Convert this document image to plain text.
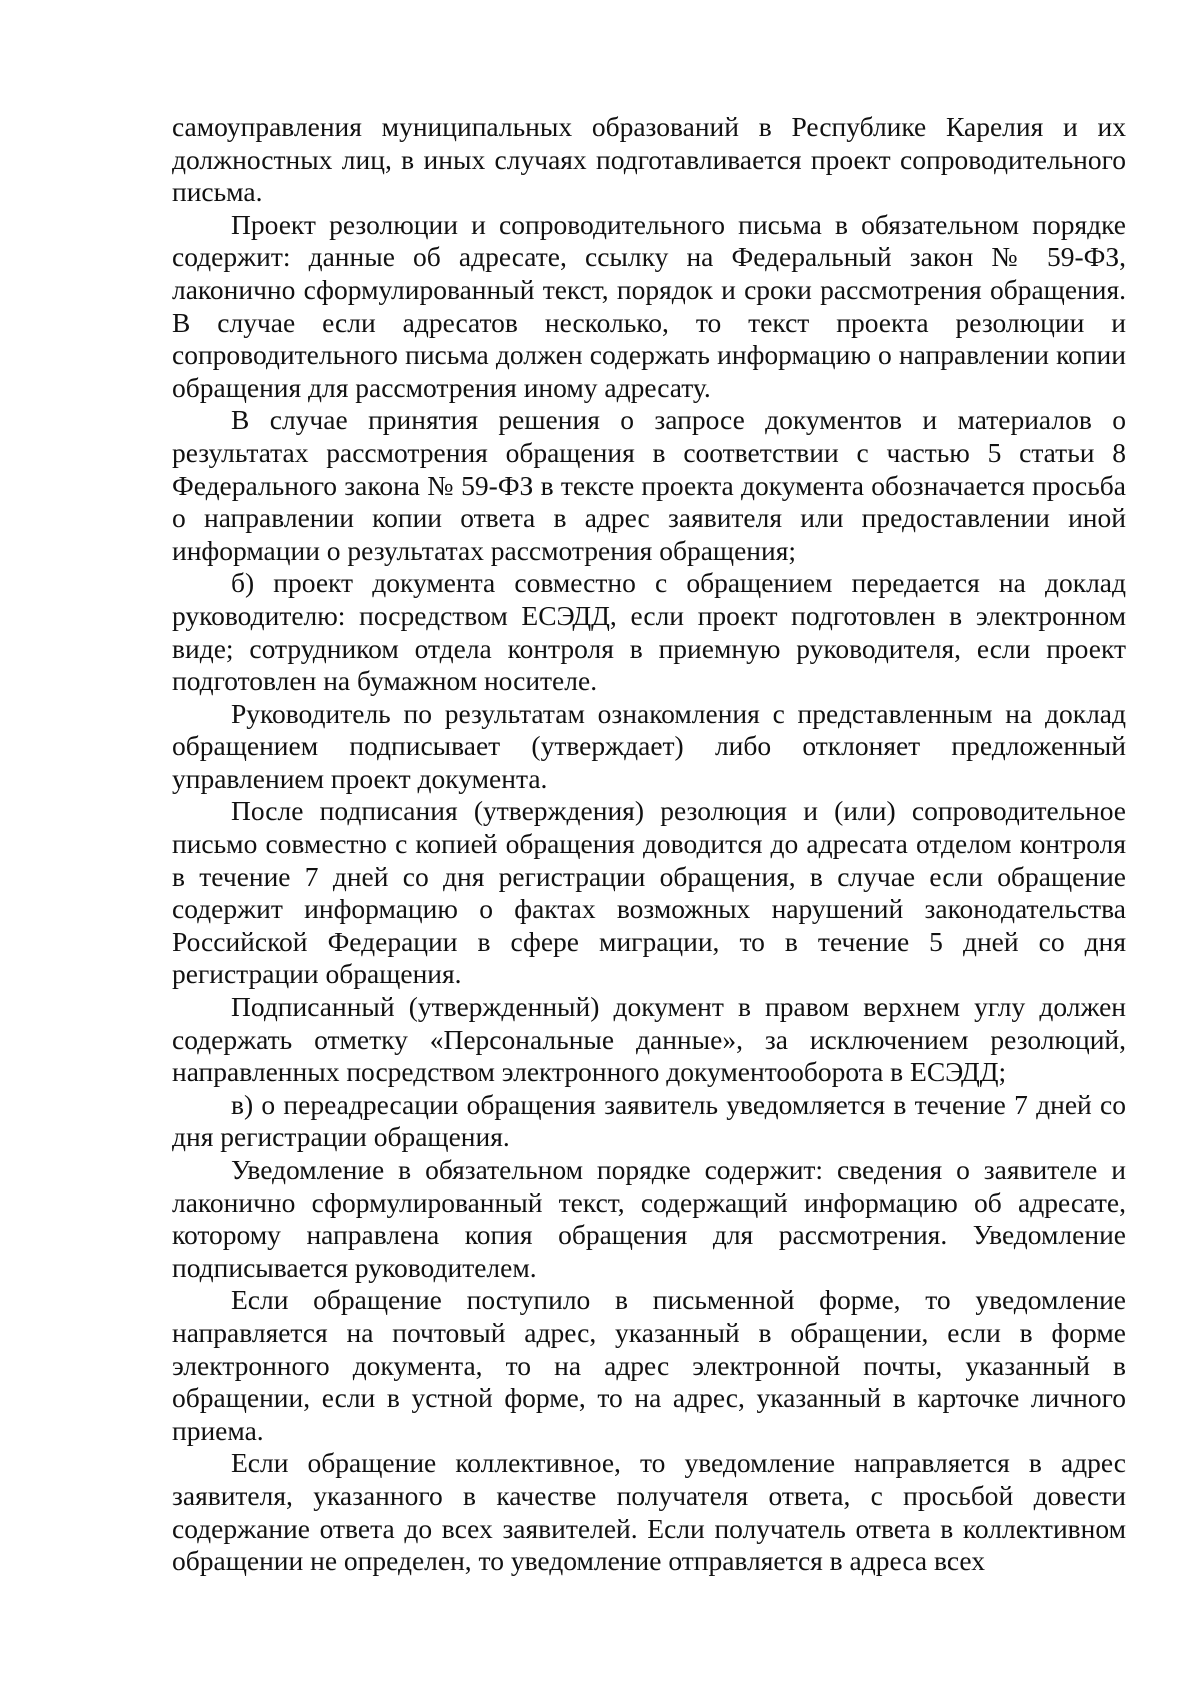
самоуправления муниципальных образований в Республике Карелия и их должностных лиц, в иных случаях подготавливается проект сопроводительного письма.

Проект резолюции и сопроводительного письма в обязательном порядке содержит: данные об адресате, ссылку на Федеральный закон № 59-ФЗ, лаконично сформулированный текст, порядок и сроки рассмотрения обращения. В случае если адресатов несколько, то текст проекта резолюции и сопроводительного письма должен содержать информацию о направлении копии обращения для рассмотрения иному адресату.

В случае принятия решения о запросе документов и материалов о результатах рассмотрения обращения в соответствии с частью 5 статьи 8 Федерального закона № 59-ФЗ в тексте проекта документа обозначается просьба о направлении копии ответа в адрес заявителя или предоставлении иной информации о результатах рассмотрения обращения;

б) проект документа совместно с обращением передается на доклад руководителю: посредством ЕСЭДД, если проект подготовлен в электронном виде; сотрудником отдела контроля в приемную руководителя, если проект подготовлен на бумажном носителе.

Руководитель по результатам ознакомления с представленным на доклад обращением подписывает (утверждает) либо отклоняет предложенный управлением проект документа.

После подписания (утверждения) резолюция и (или) сопроводительное письмо совместно с копией обращения доводится до адресата отделом контроля в течение 7 дней со дня регистрации обращения, в случае если обращение содержит информацию о фактах возможных нарушений законодательства Российской Федерации в сфере миграции, то в течение 5 дней со дня регистрации обращения.

Подписанный (утвержденный) документ в правом верхнем углу должен содержать отметку «Персональные данные», за исключением резолюций, направленных посредством электронного документооборота в ЕСЭДД;

в) о переадресации обращения заявитель уведомляется в течение 7 дней со дня регистрации обращения.

Уведомление в обязательном порядке содержит: сведения о заявителе и лаконично сформулированный текст, содержащий информацию об адресате, которому направлена копия обращения для рассмотрения. Уведомление подписывается руководителем.

Если обращение поступило в письменной форме, то уведомление направляется на почтовый адрес, указанный в обращении, если в форме электронного документа, то на адрес электронной почты, указанный в обращении, если в устной форме, то на адрес, указанный в карточке личного приема.

Если обращение коллективное, то уведомление направляется в адрес заявителя, указанного в качестве получателя ответа, с просьбой довести содержание ответа до всех заявителей. Если получатель ответа в коллективном обращении не определен, то уведомление отправляется в адреса всех
